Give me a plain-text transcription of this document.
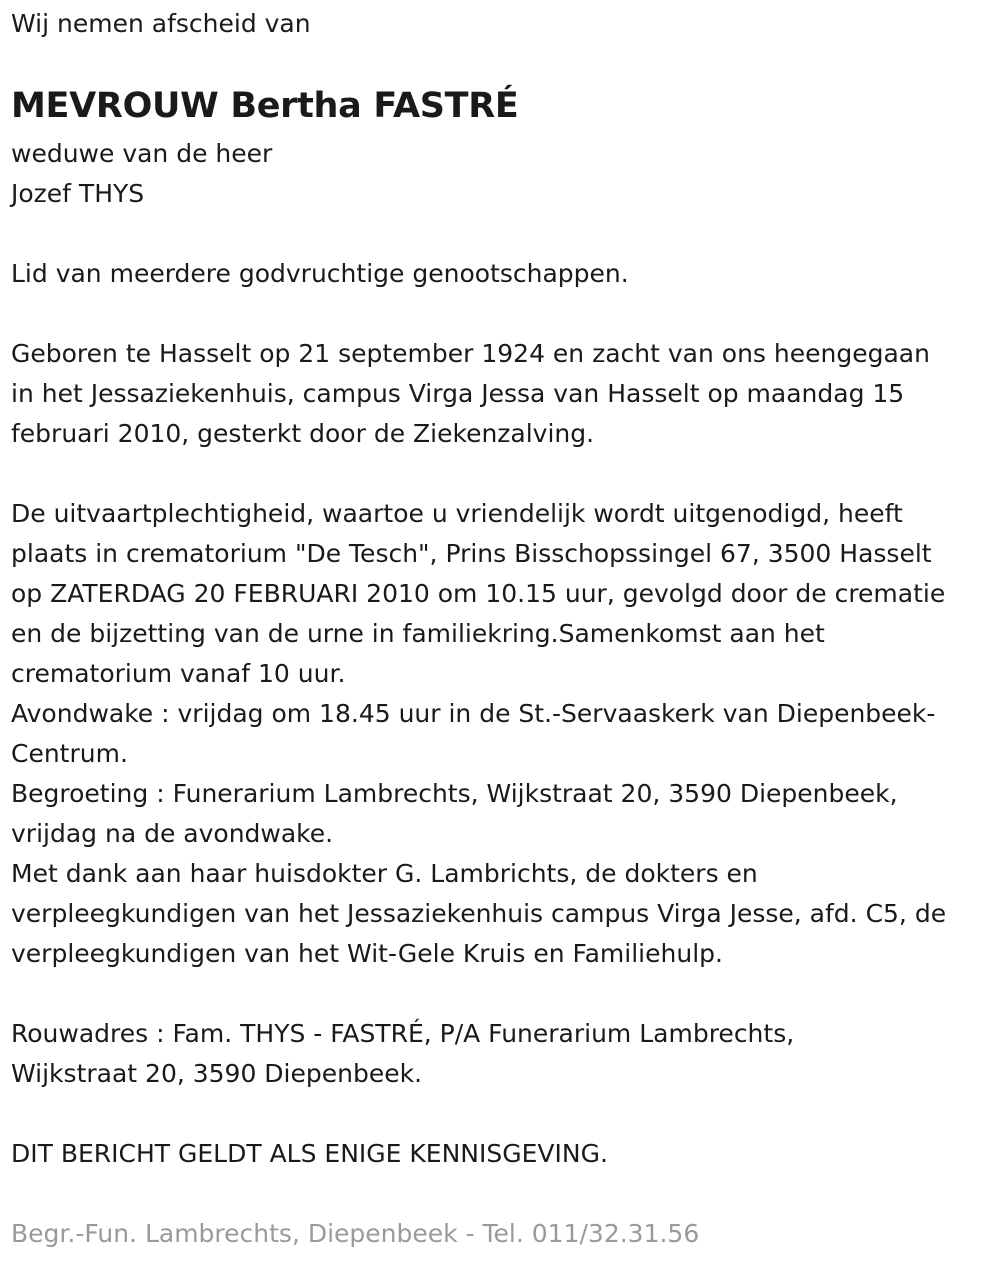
Wij nemen afscheid van

MEVROUW Bertha FASTRÉ

weduwe van de heer

Jozef THYS

Lid van meerdere godvruchtige genootschappen.

Geboren te Hasselt op 21 september 1924 en zacht van ons heengegaan

in het Jessaziekenhuis, campus Virga Jessa van Hasselt op maandag 15

februari 2010, gesterkt door de Ziekenzalving.

De uitvaartplechtigheid, waartoe u vriendelijk wordt uitgenodigd, heeft

plaats in crematorium "De Tesch", Prins Bisschopssingel 67, 3500 Hasselt

op ZATERDAG 20 FEBRUARI 2010 om 10.15 uur, gevolgd door de crematie

en de bijzetting van de urne in familiekring.Samenkomst aan het

crematorium vanaf 10 uur.

Avondwake : vrijdag om 18.45 uur in de St.-Servaaskerk van Diepenbeek-

Centrum.

Begroeting : Funerarium Lambrechts, Wijkstraat 20, 3590 Diepenbeek,

vrijdag na de avondwake.

Met dank aan haar huisdokter G. Lambrichts, de dokters en

verpleegkundigen van het Jessaziekenhuis campus Virga Jesse, afd. C5, de

verpleegkundigen van het Wit-Gele Kruis en Familiehulp.

Rouwadres : Fam. THYS - FASTRÉ, P/A Funerarium Lambrechts,

Wijkstraat 20, 3590 Diepenbeek.

DIT BERICHT GELDT ALS ENIGE KENNISGEVING.

Begr.-Fun. Lambrechts, Diepenbeek - Tel. 011/32.31.56
